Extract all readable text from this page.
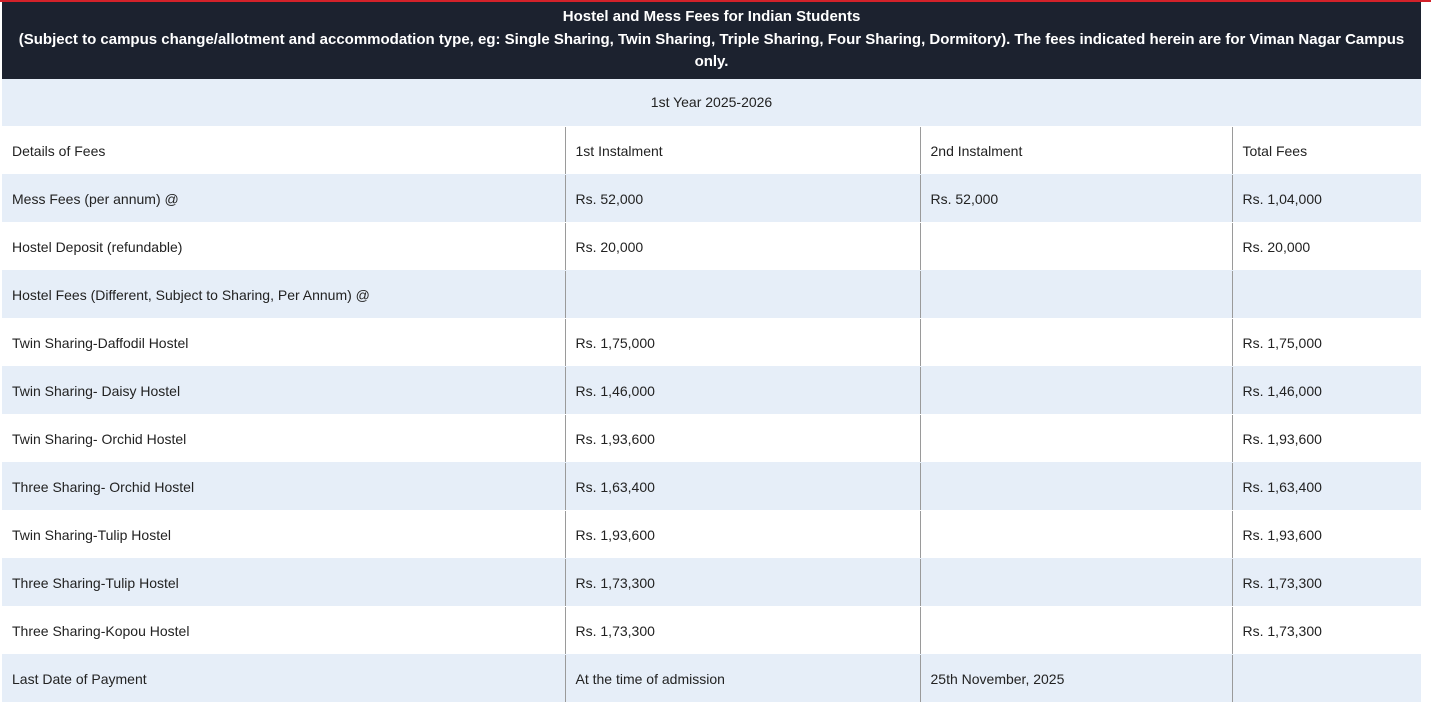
Hostel and Mess Fees for Indian Students
(Subject to campus change/allotment and accommodation type, eg: Single Sharing, Twin Sharing, Triple Sharing, Four Sharing, Dormitory). The fees indicated herein are for Viman Nagar Campus only.			

1st Year 2025-2026			
Details of Fees	1st Instalment	2nd Instalment	Total Fees
Mess Fees (per annum) @	Rs. 52,000	Rs. 52,000	Rs. 1,04,000
Hostel Deposit (refundable)	Rs. 20,000		Rs. 20,000
Hostel Fees (Different, Subject to Sharing, Per Annum) @			
Twin Sharing-Daffodil Hostel	Rs. 1,75,000		Rs. 1,75,000
Twin Sharing- Daisy Hostel	Rs. 1,46,000		Rs. 1,46,000
Twin Sharing- Orchid Hostel	Rs. 1,93,600		Rs. 1,93,600
Three Sharing- Orchid Hostel	Rs. 1,63,400		Rs. 1,63,400
Twin Sharing-Tulip Hostel	Rs. 1,93,600		Rs. 1,93,600
Three Sharing-Tulip Hostel	Rs. 1,73,300		Rs. 1,73,300
Three Sharing-Kopou Hostel	Rs. 1,73,300		Rs. 1,73,300
Last Date of Payment	At the time of admission	25th November, 2025	
